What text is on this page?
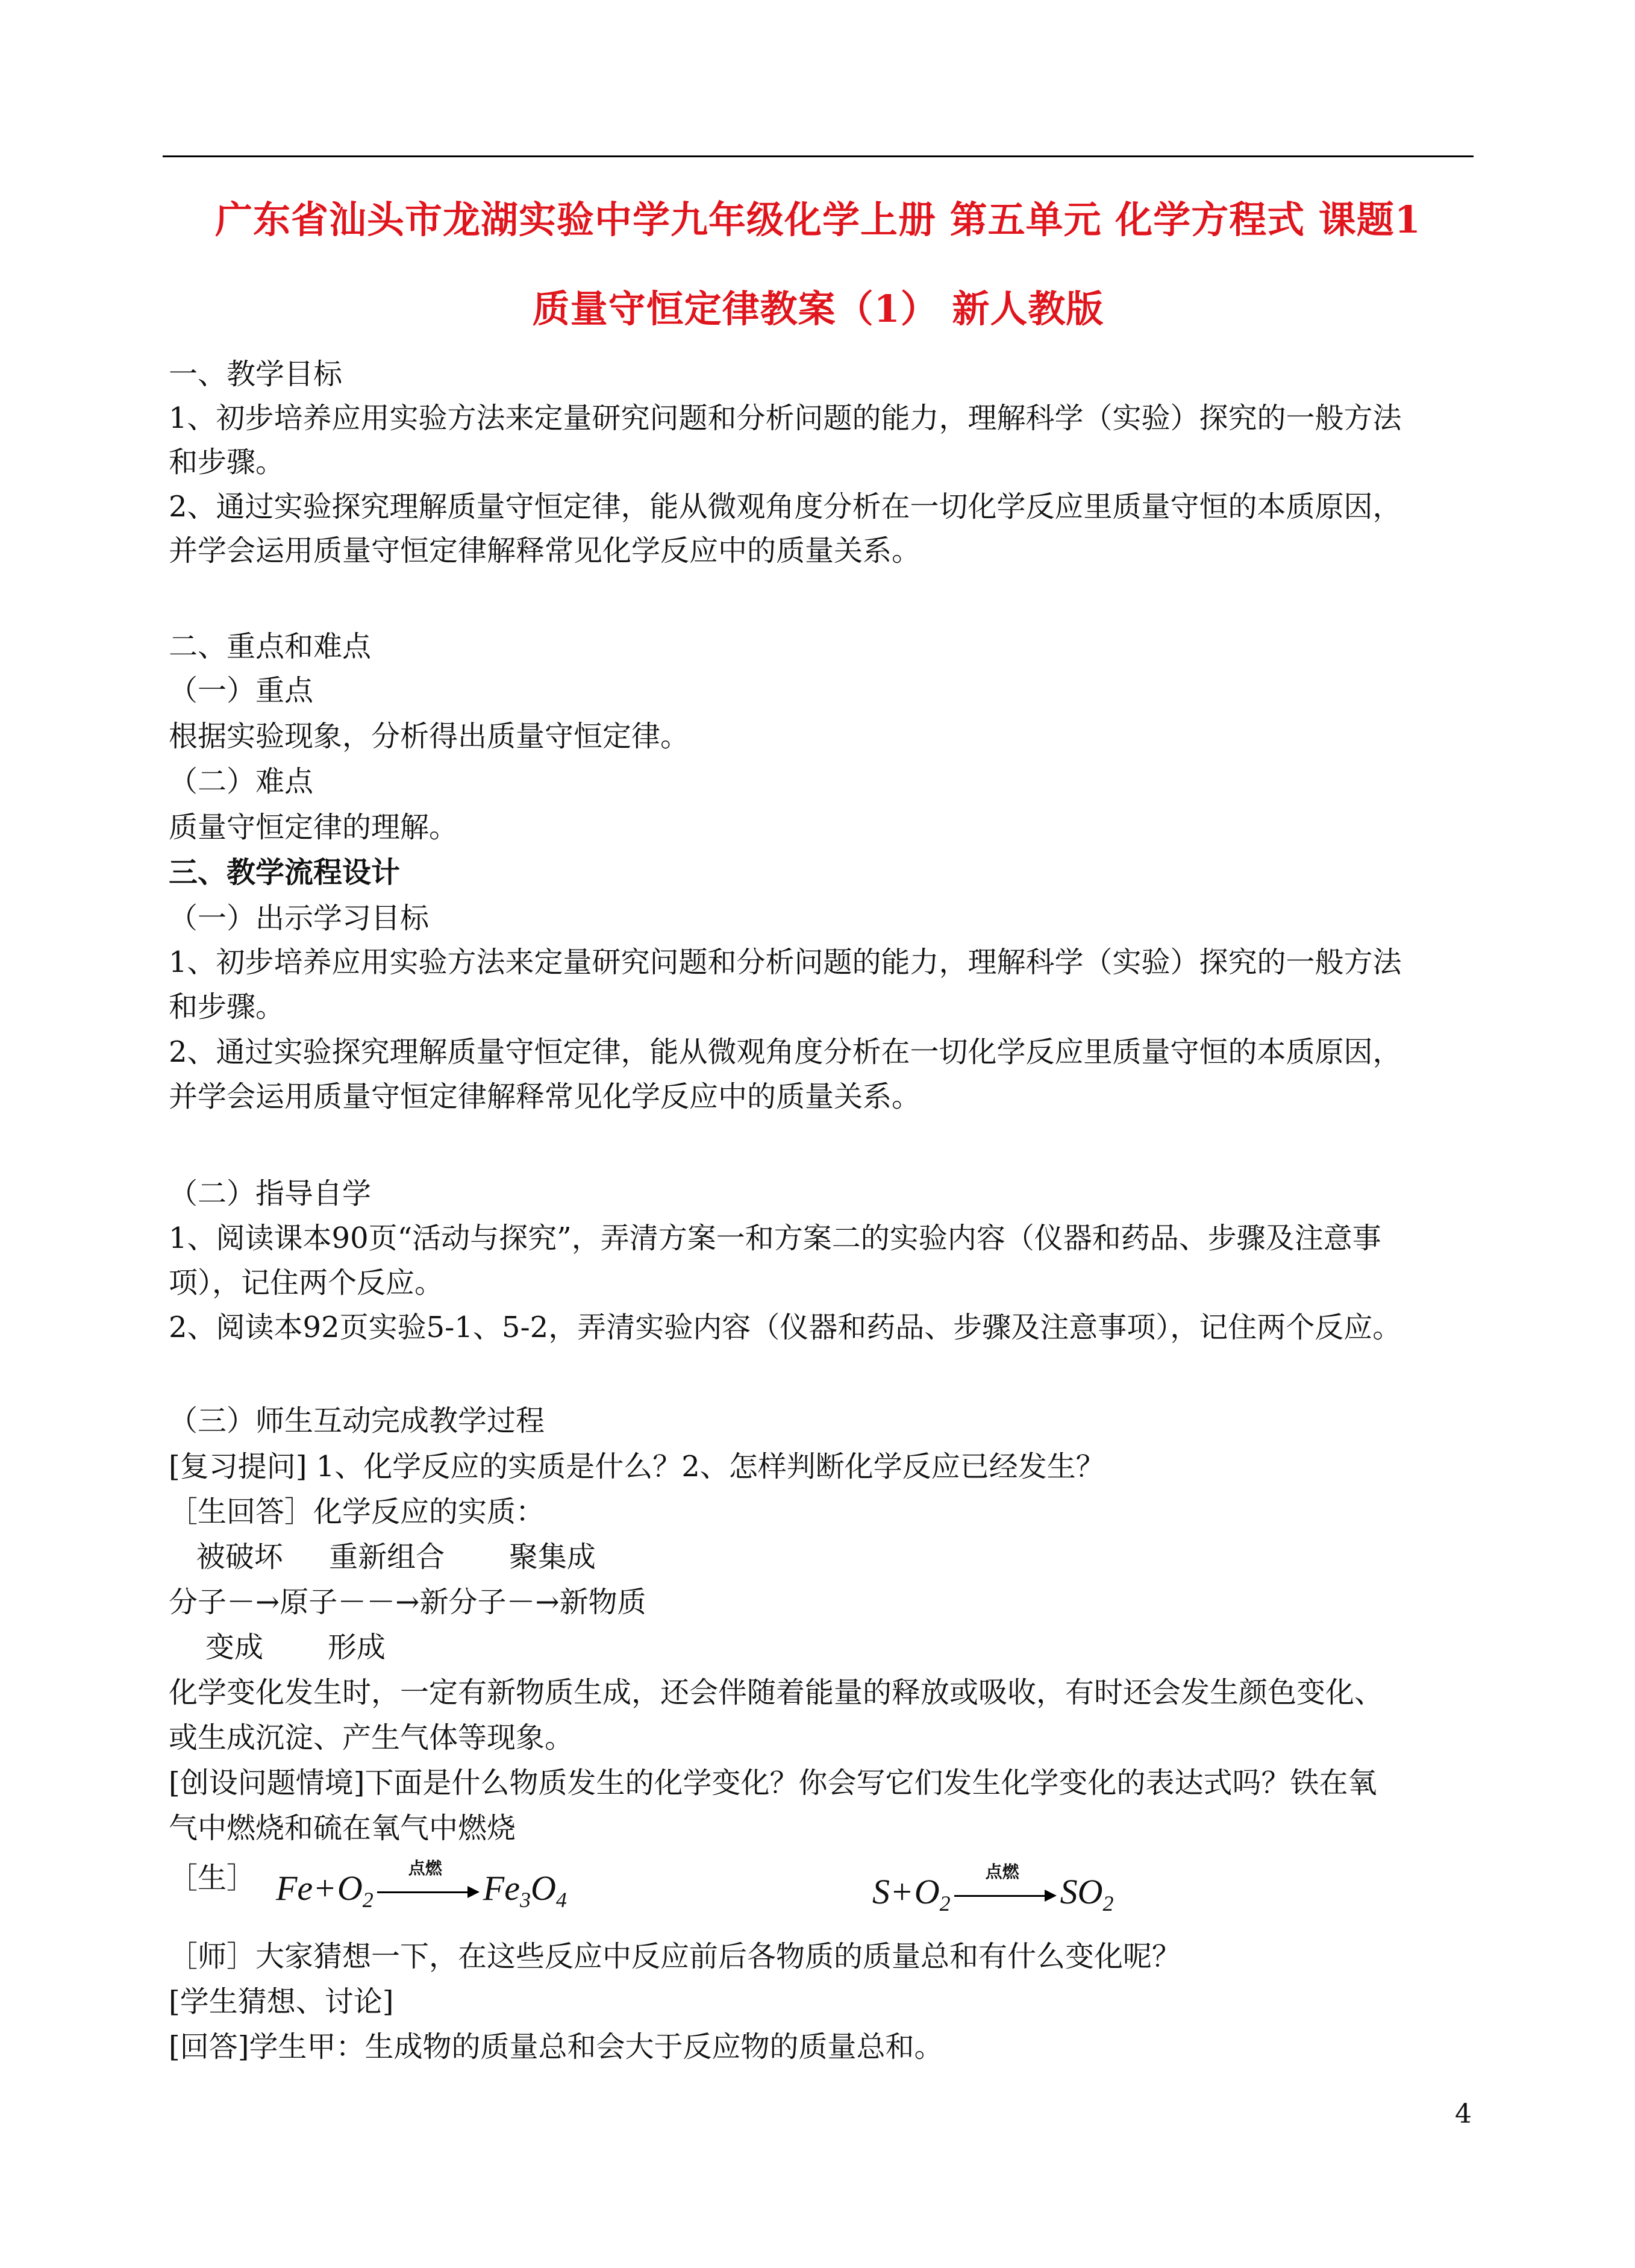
广东省汕头市龙湖实验中学九年级化学上册 第五单元 化学方程式 课题1
质量守恒定律教案（1） 新人教版
一、教学目标
1、初步培养应用实验方法来定量研究问题和分析问题的能力，理解科学（实验）探究的一般方法
和步骤。
2、通过实验探究理解质量守恒定律，能从微观角度分析在一切化学反应里质量守恒的本质原因，
并学会运用质量守恒定律解释常见化学反应中的质量关系。
二、重点和难点
（一）重点
根据实验现象，分析得出质量守恒定律。
（二）难点
质量守恒定律的理解。
三、教学流程设计
（一）出示学习目标
1、初步培养应用实验方法来定量研究问题和分析问题的能力，理解科学（实验）探究的一般方法
和步骤。
2、通过实验探究理解质量守恒定律，能从微观角度分析在一切化学反应里质量守恒的本质原因，
并学会运用质量守恒定律解释常见化学反应中的质量关系。
（二）指导自学
1、阅读课本90页“活动与探究”，弄清方案一和方案二的实验内容（仪器和药品、步骤及注意事
项），记住两个反应。
2、阅读本92页实验5-1、5-2，弄清实验内容（仪器和药品、步骤及注意事项），记住两个反应。
（三）师生互动完成教学过程
[复习提问] 1、化学反应的实质是什么？2、怎样判断化学反应已经发生？
［生回答］化学反应的实质：
被破坏     重新组合       聚集成
分子－→原子－－→新分子－→新物质
变成       形成
化学变化发生时，一定有新物质生成，还会伴随着能量的释放或吸收，有时还会发生颜色变化、
或生成沉淀、产生气体等现象。
[创设问题情境]下面是什么物质发生的化学变化？你会写它们发生化学变化的表达式吗？铁在氧
气中燃烧和硫在氧气中燃烧
［生］ $Fe+O_2$
点燃
$Fe_3O_4$	$S+O_2$
点燃
$SO_2$
［师］大家猜想一下，在这些反应中反应前后各物质的质量总和有什么变化呢？
[学生猜想、讨论]
[回答]学生甲：生成物的质量总和会大于反应物的质量总和。
4
